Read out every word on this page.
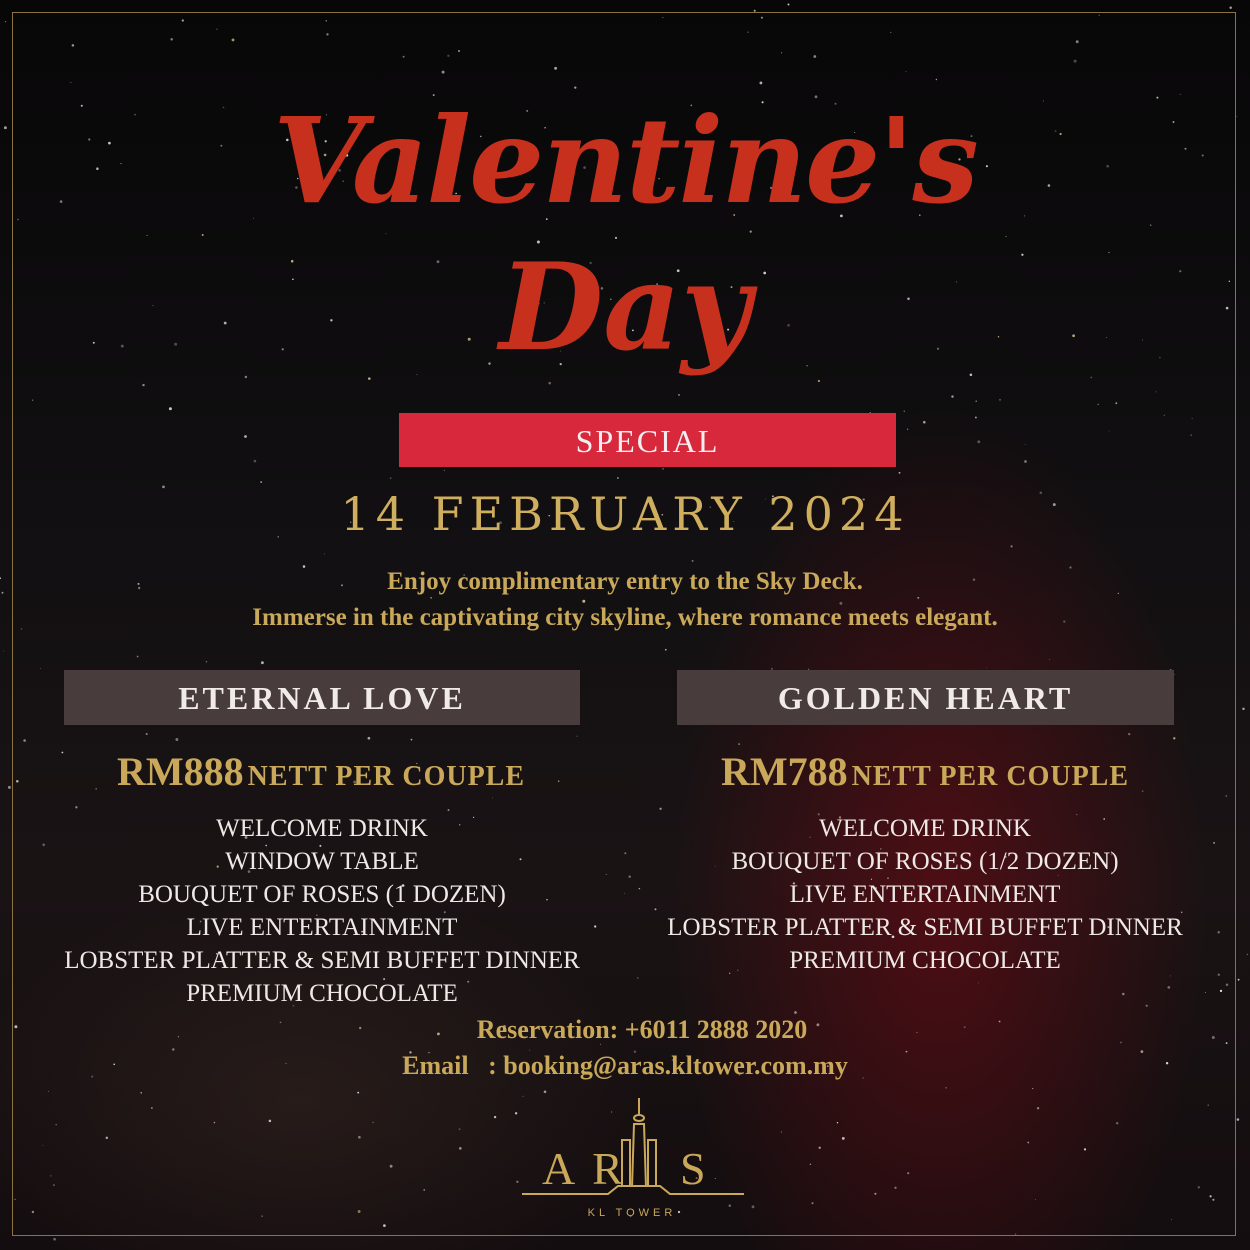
Valentine's
Day
SPECIAL
14 FEBRUARY 2024
Enjoy complimentary entry to the Sky Deck.
Immerse in the captivating city skyline, where romance meets elegant.
ETERNAL LOVE	GOLDEN HEART
RM888 NETT PER COUPLE	RM788 NETT PER COUPLE
WELCOME DRINK
WINDOW TABLE
BOUQUET OF ROSES (1 DOZEN)
LIVE ENTERTAINMENT
LOBSTER PLATTER & SEMI BUFFET DINNER
PREMIUM CHOCOLATE
WELCOME DRINK
BOUQUET OF ROSES (1/2 DOZEN)
LIVE ENTERTAINMENT
LOBSTER PLATTER & SEMI BUFFET DINNER
PREMIUM CHOCOLATE
Reservation: +6011 2888 2020
Email   : booking@aras.kltower.com.my
A R S
KL TOWER
